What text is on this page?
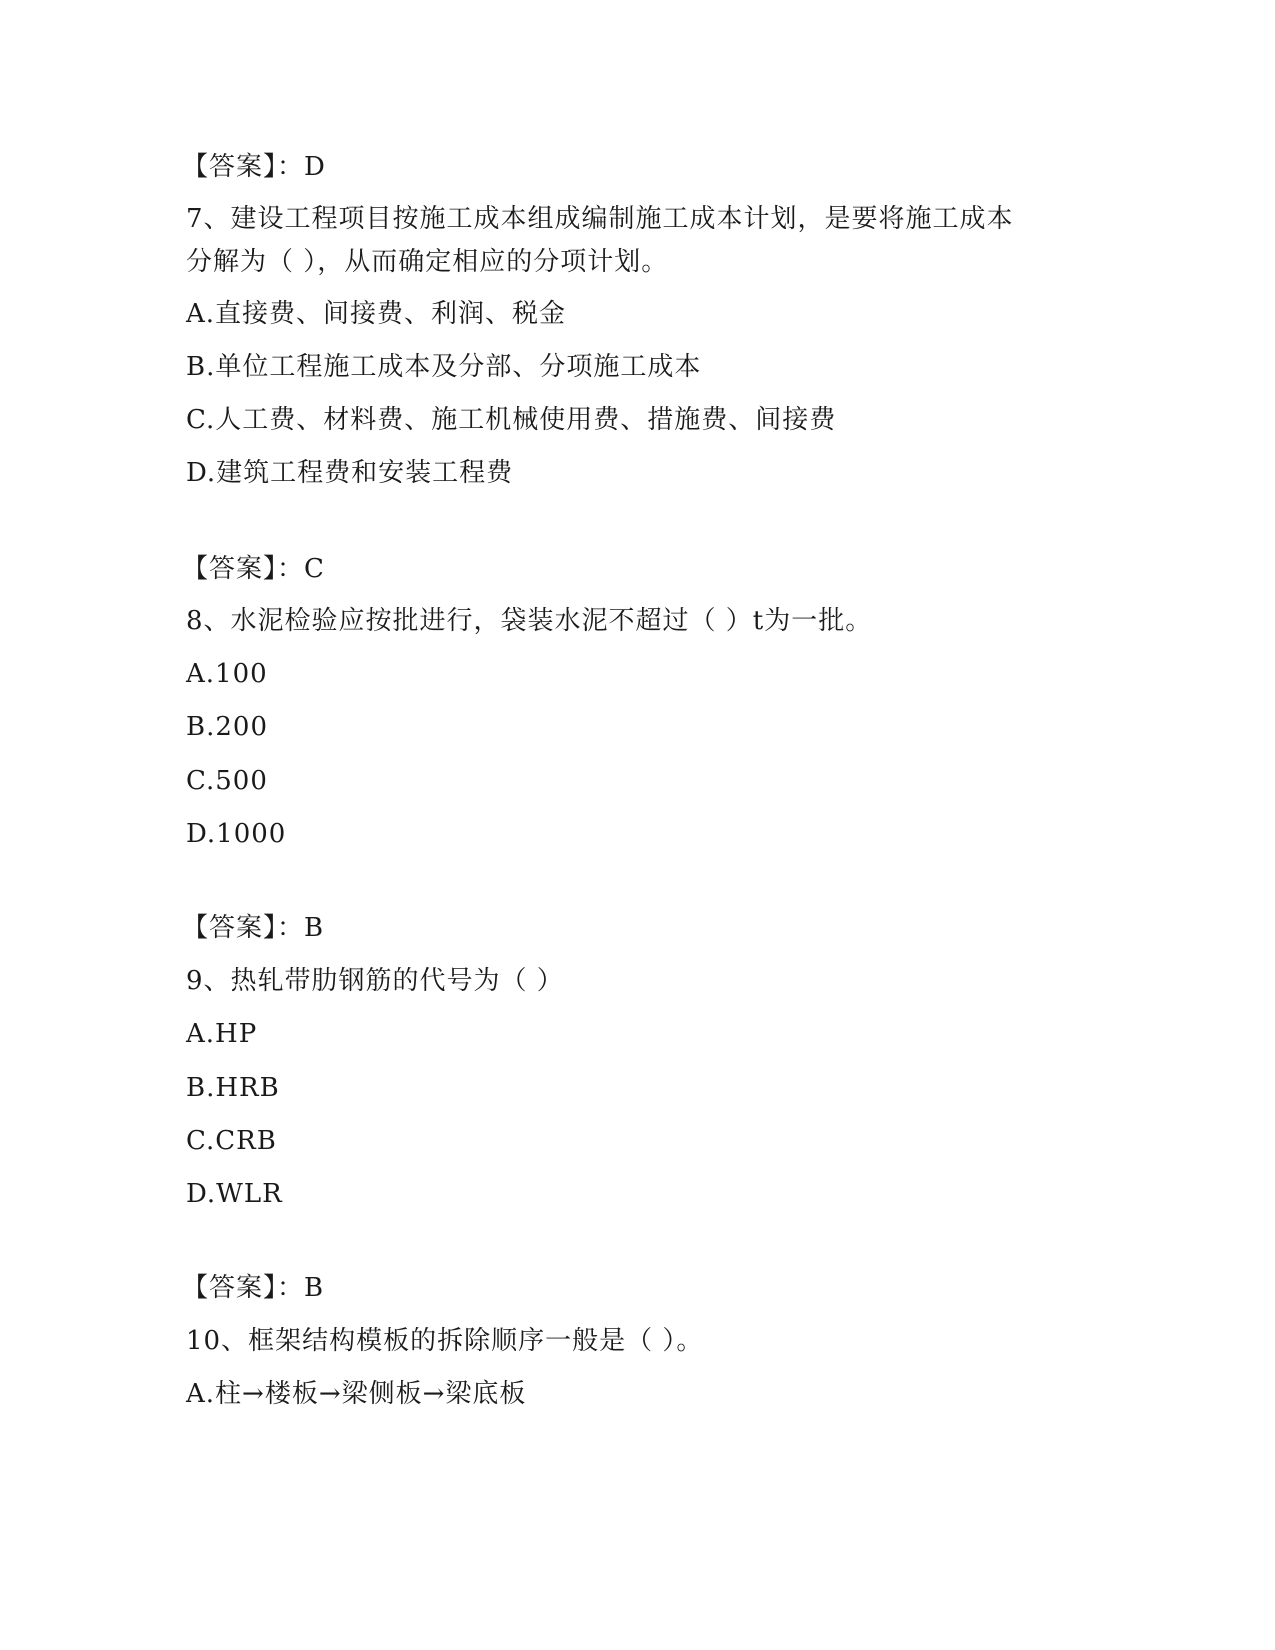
【答案】：D
7、建设工程项目按施工成本组成编制施工成本计划，是要将施工成本
分解为（ ），从而确定相应的分项计划。
A.直接费、间接费、利润、税金
B.单位工程施工成本及分部、分项施工成本
C.人工费、材料费、施工机械使用费、措施费、间接费
D.建筑工程费和安装工程费
【答案】：C
8、水泥检验应按批进行，袋装水泥不超过（ ）t为一批。
A.100
B.200
C.500
D.1000
【答案】：B
9、热轧带肋钢筋的代号为（ ）
A.HP
B.HRB
C.CRB
D.WLR
【答案】：B
10、框架结构模板的拆除顺序一般是（ ）。
A.柱→楼板→梁侧板→梁底板
